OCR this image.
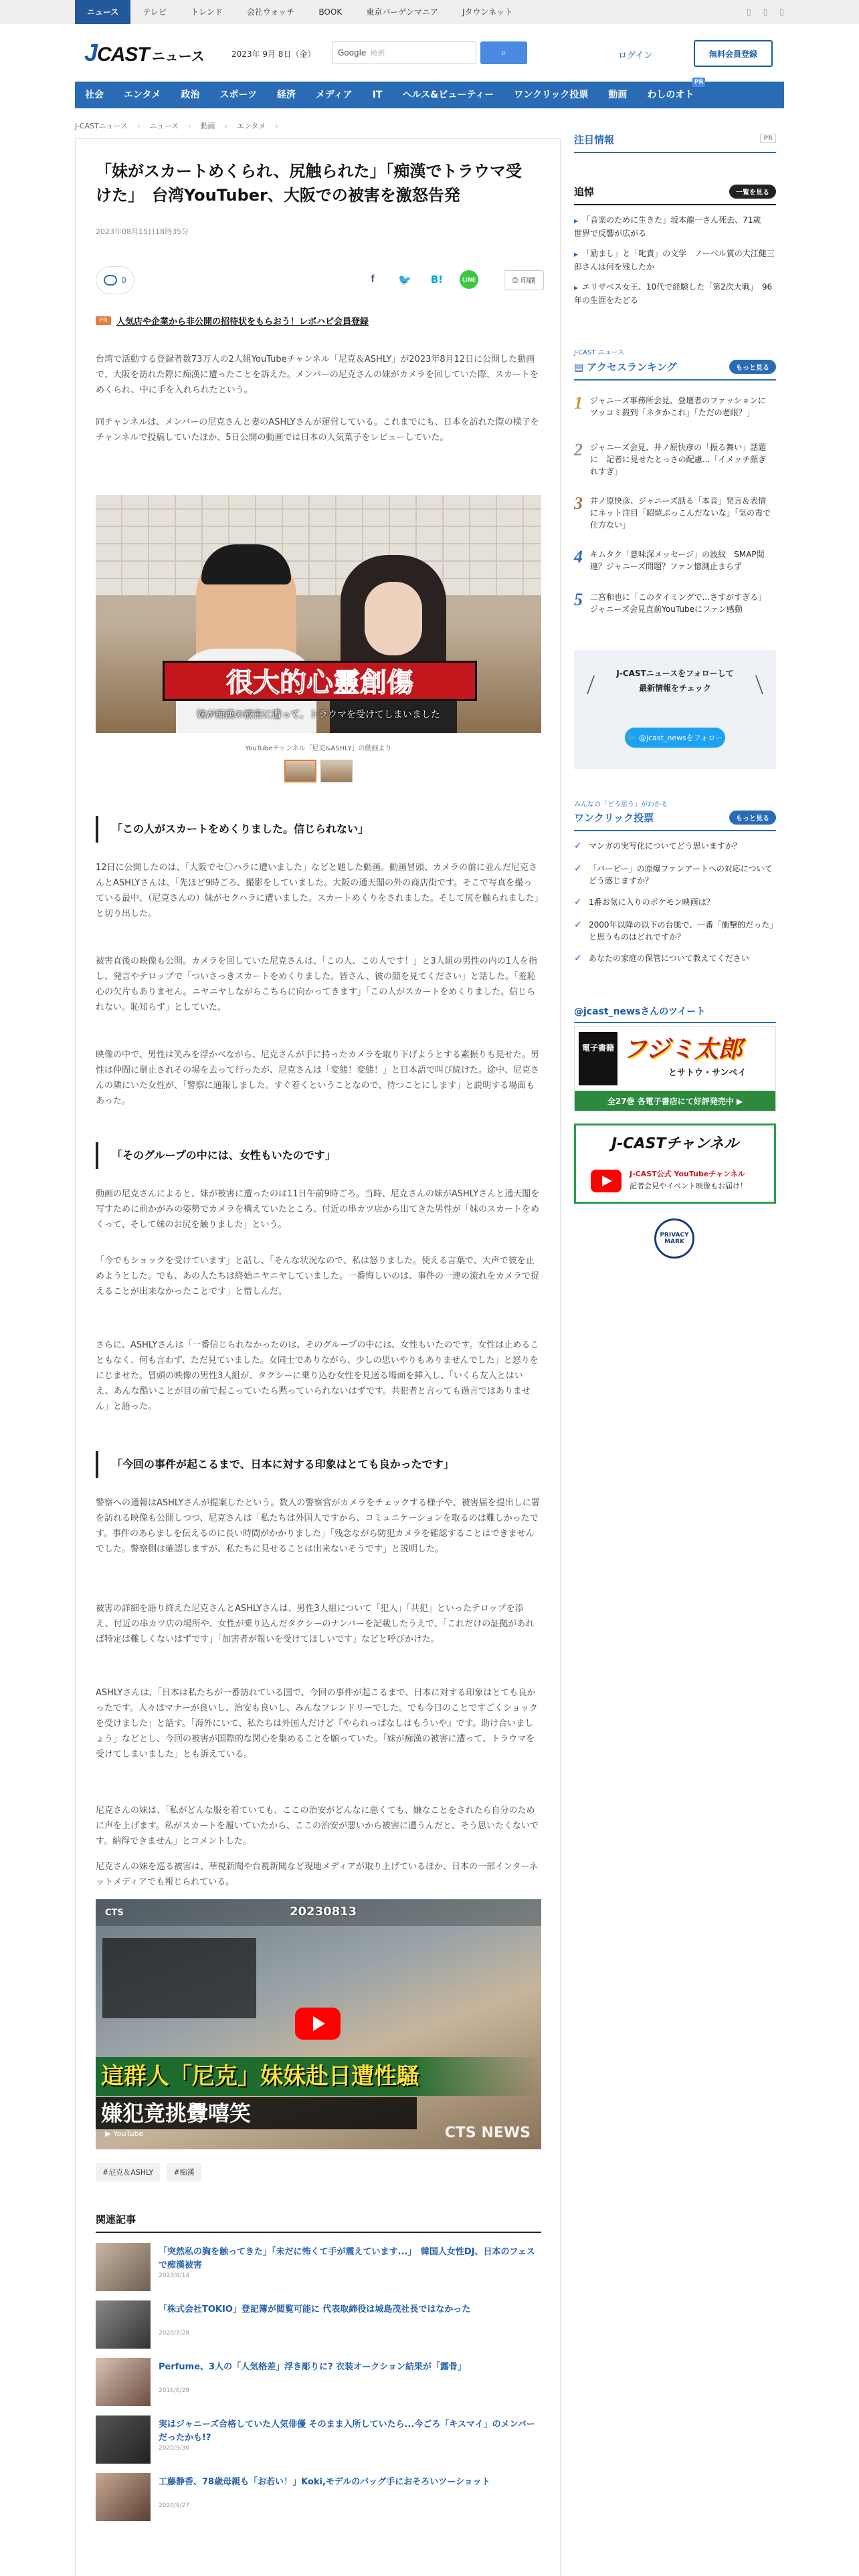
ニュース	テレビ	トレンド	会社ウォッチ	BOOK	東京バーゲンマニア	Jタウンネット	▯ ▯ ▯
JCAST ニュース	2023年 9月 8日（金）	Google 検索	⌕	ログイン	無料会員登録
社会	エンタメ	政治	スポーツ	経済	メディア	IT	ヘルス&ビューティー	ワンクリック投票	動画	わしのオト
PR
J-CASTニュース › ニュース › 動画 › エンタメ ›
「妹がスカートめくられ、尻触られた」「痴漢でトラウマ受けた」　台湾YouTuber、大阪での被害を激怒告発
2023年08月15日18時35分
0	f	🐦	B!	LINE	⎙ 印刷
PR	人気店や企業から非公開の招待状をもらおう！レポハピ会員登録

台湾で活動する登録者数73万人の2人組YouTubeチャンネル「尼克＆ASHLY」が2023年8月12日に公開した動画で、大阪を訪れた際に痴漢に遭ったことを訴えた。メンバーの尼克さんの妹がカメラを回していた際、スカートをめくられ、中に手を入れられたという。

同チャンネルは、メンバーの尼克さんと妻のASHLYさんが運営している。これまでにも、日本を訪れた際の様子をチャンネルで投稿していたほか、5日公開の動画では日本の人気菓子をレビューしていた。

很大的心靈創傷
妹が痴漢の被害に遭って、トラウマを受けてしまいました
YouTubeチャンネル「尼克&ASHLY」の動画より
「この人がスカートをめくりました。信じられない」

12日に公開したのは、「大阪でセ〇ハラに遭いました」などと題した動画。動画冒頭、カメラの前に並んだ尼克さんとASHLYさんは、「先ほど9時ごろ、撮影をしていました。大阪の通天閣の外の商店街です。そこで写真を撮っている最中、（尼克さんの）妹がセクハラに遭いました。スカートめくりをされました。そして尻を触られました」と切り出した。

被害直後の映像も公開。カメラを回していた尼克さんは、「この人、この人です！」と3人組の男性の内の1人を指し、発言やテロップで「ついさっきスカートをめくりました。皆さん、彼の顔を見てください」と話した。「羞恥心の欠片もありません。ニヤニヤしながらこちらに向かってきます」「この人がスカートをめくりました。信じられない。恥知らず」としていた。

映像の中で、男性は笑みを浮かべながら、尼克さんが手に持ったカメラを取り下げようとする素振りも見せた。男性は仲間に制止されその場を去って行ったが、尼克さんは「変態！変態！」と日本語で叫び続けた。途中、尼克さんの隣にいた女性が、「警察に通報しました。すぐ着くということなので、待つことにします」と説明する場面もあった。

「そのグループの中には、女性もいたのです」

動画の尼克さんによると、妹が被害に遭ったのは11日午前9時ごろ。当時、尼克さんの妹がASHLYさんと通天閣を写すために前かがみの姿勢でカメラを構えていたところ、付近の串カツ店から出てきた男性が「妹のスカートをめくって、そして妹のお尻を触りました」という。

「今でもショックを受けています」と話し、「そんな状況なので、私は怒りました。使える言葉で、大声で彼を止めようとした。でも、あの人たちは終始ニヤニヤしていました。一番悔しいのは、事件の一連の流れをカメラで捉えることが出来なかったことです」と惜しんだ。

さらに、ASHLYさんは「一番信じられなかったのは、そのグループの中には、女性もいたのです。女性は止めることもなく、何も言わず、ただ見ていました。女同士でありながら、少しの思いやりもありませんでした」と怒りをにじませた。冒頭の映像の男性3人組が、タクシーに乗り込む女性を見送る場面を挿入し、「いくら友人とはいえ、あんな酷いことが目の前で起こっていたら黙っていられないはずです。共犯者と言っても過言ではありません」と語った。

「今回の事件が起こるまで、日本に対する印象はとても良かったです」

警察への通報はASHLYさんが提案したという。数人の警察官がカメラをチェックする様子や、被害届を提出しに署を訪れる映像も公開しつつ、尼克さんは「私たちは外国人ですから、コミュニケーションを取るのは難しかったです。事件のあらましを伝えるのに長い時間がかかりました」「残念ながら防犯カメラを確認することはできませんでした。警察側は確認しますが、私たちに見せることは出来ないそうです」と説明した。

被害の詳細を語り終えた尼克さんとASHLYさんは、男性3人組について「犯人」「共犯」といったテロップを添え、付近の串カツ店の場所や、女性が乗り込んだタクシーのナンバーを記載したうえで、「これだけの証拠があれば特定は難しくないはずです」「加害者が報いを受けてほしいです」などと呼びかけた。

ASHLYさんは、「日本は私たちが一番訪れている国で、今回の事件が起こるまで、日本に対する印象はとても良かったです。人々はマナーが良いし、治安も良いし、みんなフレンドリーでした。でも今日のことですごくショックを受けました」と話す。「海外にいて、私たちは外国人だけど『やられっぱなしはもういや』です。助け合いましょう」などとし、今回の被害が国際的な関心を集めることを願っていた。「妹が痴漢の被害に遭って、トラウマを受けてしまいました」とも訴えている。

尼克さんの妹は、「私がどんな服を着ていても、ここの治安がどんなに悪くても、嫌なことをされたら自分のために声を上げます。私がスカートを履いていたから、ここの治安が悪いから被害に遭うんだと、そう思いたくないです。納得できません」とコメントした。

尼克さんの妹を巡る被害は、華視新聞や台視新聞など現地メディアが取り上げているほか、日本の一部インターネットメディアでも報じられている。

CTS	20230813
這群人「尼克」妹妹赴日遭性騷
嫌犯竟挑釁嘻笑
▶ YouTube	CTS NEWS
#尼克＆ASHLY	#痴漢
関連記事
「突然私の胸を触ってきた」「未だに怖くて手が震えています...」　韓国人女性DJ、日本のフェスで痴漢被害
2023/8/14
「株式会社TOKIO」登記簿が閲覧可能に 代表取締役は城島茂社長ではなかった
2020/7/28
Perfume、3人の「人気格差」浮き彫りに? 衣装オークション結果が「露骨」
2016/6/29
実はジャニーズ合格していた人気俳優 そのまま入所していたら...今ごろ「キスマイ」のメンバーだったかも!?
2020/9/30
工藤静香、78歳母親も「お若い！」Koki,モデルのバッグ手におそろいツーショット
2020/9/27
注目情報	PR
追悼	一覧を見る
▶ 「音楽のために生きた」坂本龍一さん死去、71歳　世界で反響が広がる
▶ 「励まし」と「叱責」の文学　ノーベル賞の大江健三郎さんは何を残したか
▶ エリザベス女王、10代で経験した「第2次大戦」　96年の生涯をたどる
J-CAST ニュース
▤ アクセスランキング	もっと見る
1 ジャニーズ事務所会見、登壇者のファッションにツッコミ殺到「ネタかこれ」「ただの老眼？」
2 ジャニーズ会見、井ノ原快彦の「振る舞い」話題に　記者に見せたとっさの配慮...「イメッチ顔ぎれすぎ」
3 井ノ原快彦、ジャニーズ話る「本音」発言＆表情にネット注目「昭焼ぶっこんだないな」「気の毒で仕方ない」
4 キムタク「意味深メッセージ」の波紋　SMAP閲連？ジャニーズ問題？ファン憶測止まらず
5 二宮和也に「このタイミングで...さすがすぎる」　ジャニーズ会見直前YouTubeにファン感動
J-CASTニュースをフォローして
最新情報をチェック
🐦 @jcast_newsをフォロー
みんなの「どう思う」がわかる
ワンクリック投票	もっと見る
✓ マンガの実写化についてどう思いますか？
✓ 「バービー」の原爆ファンアートへの対応についてどう感じますか？
✓ 1番お気に入りのポケモン映画は？
✓ 2000年以降の以下の台風で、一番「衝撃的だった」と思うものはどれですか？
✓ あなたの家庭の保管について教えてください
@jcast_newsさんのツイート
電子書籍 フジミ太郎
とサトウ・サンペイ
全27巻 各電子書店にて好評発売中 ▶
J-CASTチャンネル
J-CAST公式 YouTubeチャンネル
記者会見やイベント映像もお届け！
PRIVACY MARK
